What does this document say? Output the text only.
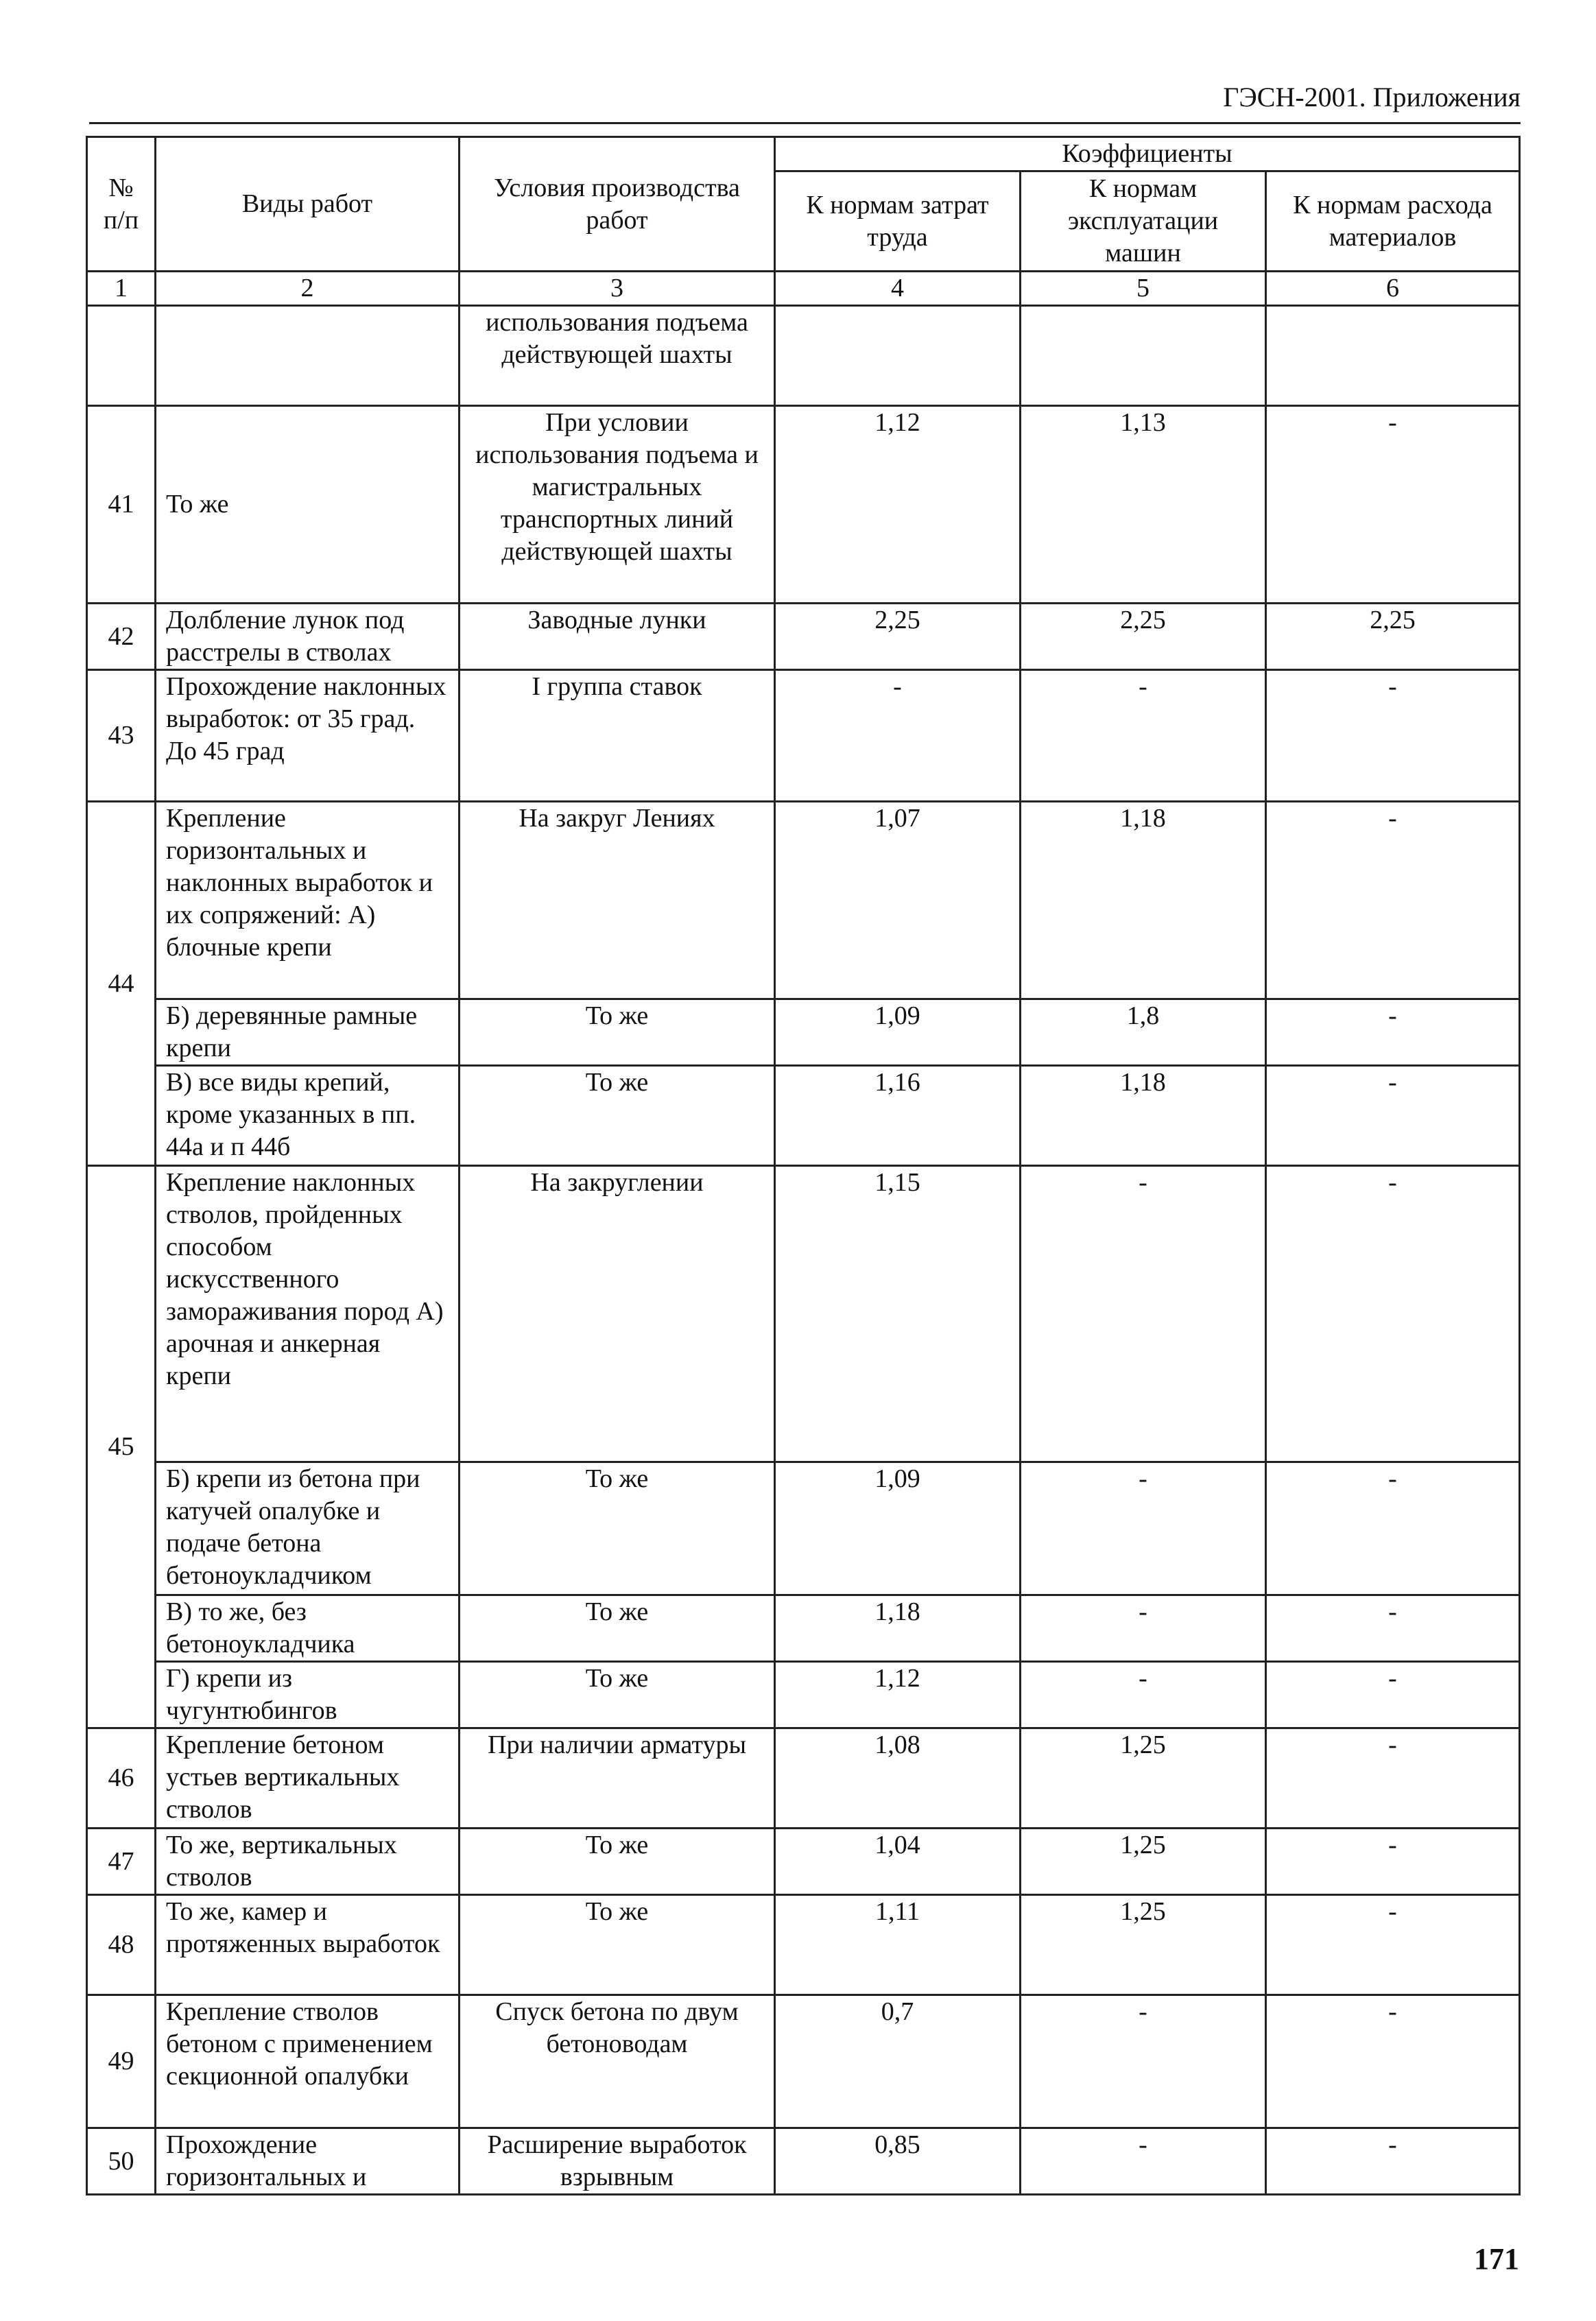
ГЭСН-2001. Приложения
№ п/п	Виды работ	Условия производства работ	Коэффициенты		
			К нормам затрат труда	К нормам эксплуатации машин	К нормам расхода материалов
1	2	3	4	5	6
		использования подъема действующей шахты			
41	То же	При условии использования подъема и магистральных транспортных линий действующей шахты	1,12	1,13	-
42	Долбление лунок под расстрелы в стволах	Заводные лунки	2,25	2,25	2,25
43	Прохождение наклонных выработок: от 35 град. До 45 град	I группа ставок	-	-	-
44	Крепление горизонтальных и наклонных выработок и их сопряжений: А) блочные крепи	На закруг Лениях	1,07	1,18	-
	Б) деревянные рамные крепи	То же	1,09	1,8	-
	В) все виды крепий, кроме указанных в пп. 44а и п 44б	То же	1,16	1,18	-
45	Крепление наклонных стволов, пройденных способом искусственного замораживания пород А) арочная и анкерная крепи	На закруглении	1,15	-	-
	Б) крепи из бетона при катучей опалубке и подаче бетона бетоноукладчиком	То же	1,09	-	-
	В) то же, без бетоноукладчика	То же	1,18	-	-
	Г) крепи из чугунтюбингов	То же	1,12	-	-
46	Крепление бетоном устьев вертикальных стволов	При наличии арматуры	1,08	1,25	-
47	То же, вертикальных стволов	То же	1,04	1,25	-
48	То же, камер и протяженных выработок	То же	1,11	1,25	-
49	Крепление стволов бетоном с применением секционной опалубки	Спуск бетона по двум бетоноводам	0,7	-	-
50	Прохождение горизонтальных и	Расширение выработок взрывным	0,85	-	-
171
